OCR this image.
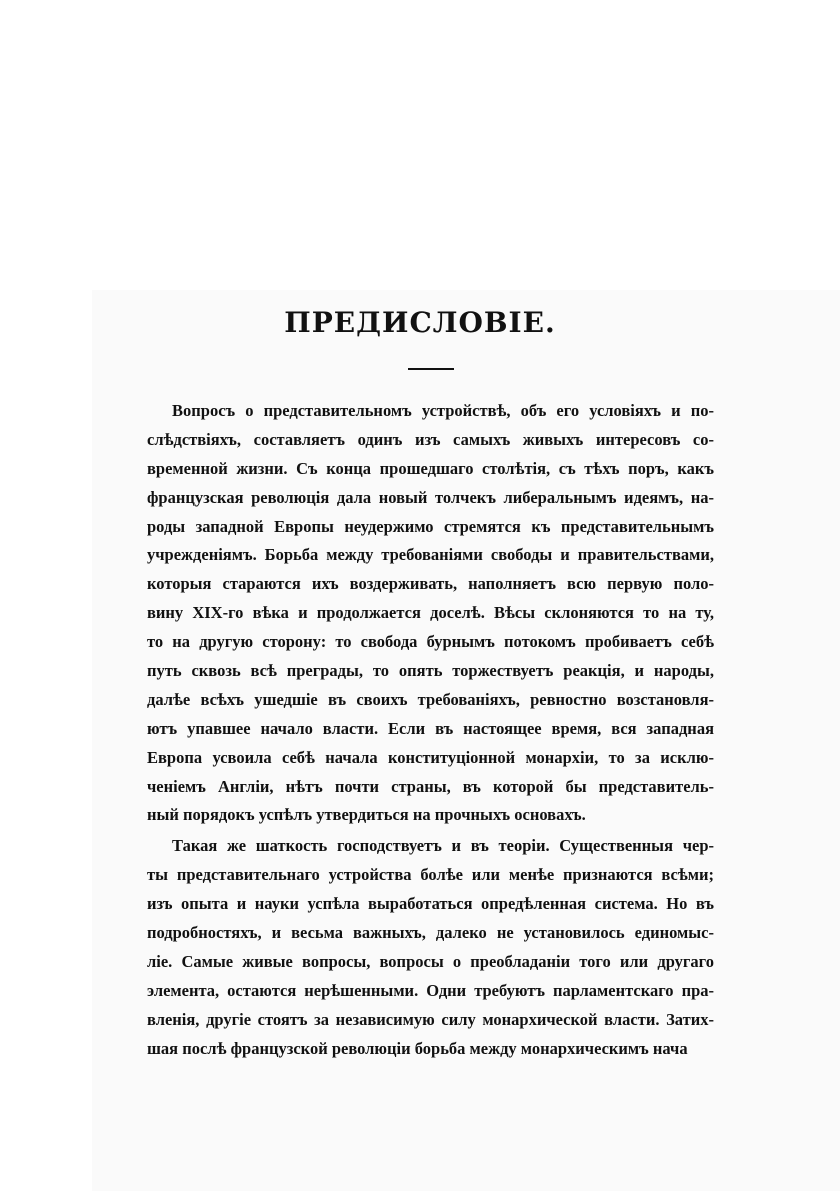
ПРЕДИСЛОВІЕ.
Вопросъ о представительномъ устройствѣ, объ его условіяхъ и по-
слѣдствіяхъ, составляетъ одинъ изъ самыхъ живыхъ интересовъ со-
временной жизни. Съ конца прошедшаго столѣтія, съ тѣхъ поръ, какъ
французская революція дала новый толчекъ либеральнымъ идеямъ, на-
роды западной Европы неудержимо стремятся къ представительнымъ
учрежденіямъ. Борьба между требованіями свободы и правительствами,
которыя стараются ихъ воздерживать, наполняетъ всю первую поло-
вину XIX-го вѣка и продолжается доселѣ. Вѣсы склоняются то на ту,
то на другую сторону: то свобода бурнымъ потокомъ пробиваетъ себѣ
путь сквозь всѣ преграды, то опять торжествуетъ реакція, и народы,
далѣе всѣхъ ушедшіе въ своихъ требованіяхъ, ревностно возстановля-
ютъ упавшее начало власти. Если въ настоящее время, вся западная
Европа усвоила себѣ начала конституціонной монархіи, то за исклю-
ченіемъ Англіи, нѣтъ почти страны, въ которой бы представитель-
ный порядокъ успѣлъ утвердиться на прочныхъ основахъ.
Такая же шаткость господствуетъ и въ теоріи. Существенныя чер-
ты представительнаго устройства болѣе или менѣе признаются всѣми;
изъ опыта и науки успѣла выработаться опредѣленная система. Но въ
подробностяхъ, и весьма важныхъ, далеко не установилось единомыс-
ліе. Самые живые вопросы, вопросы о преобладаніи того или другаго
элемента, остаются нерѣшенными. Одни требуютъ парламентскаго пра-
вленія, другіе стоятъ за независимую силу монархической власти. Затих-
шая послѣ французской революціи борьба между монархическимъ нача
